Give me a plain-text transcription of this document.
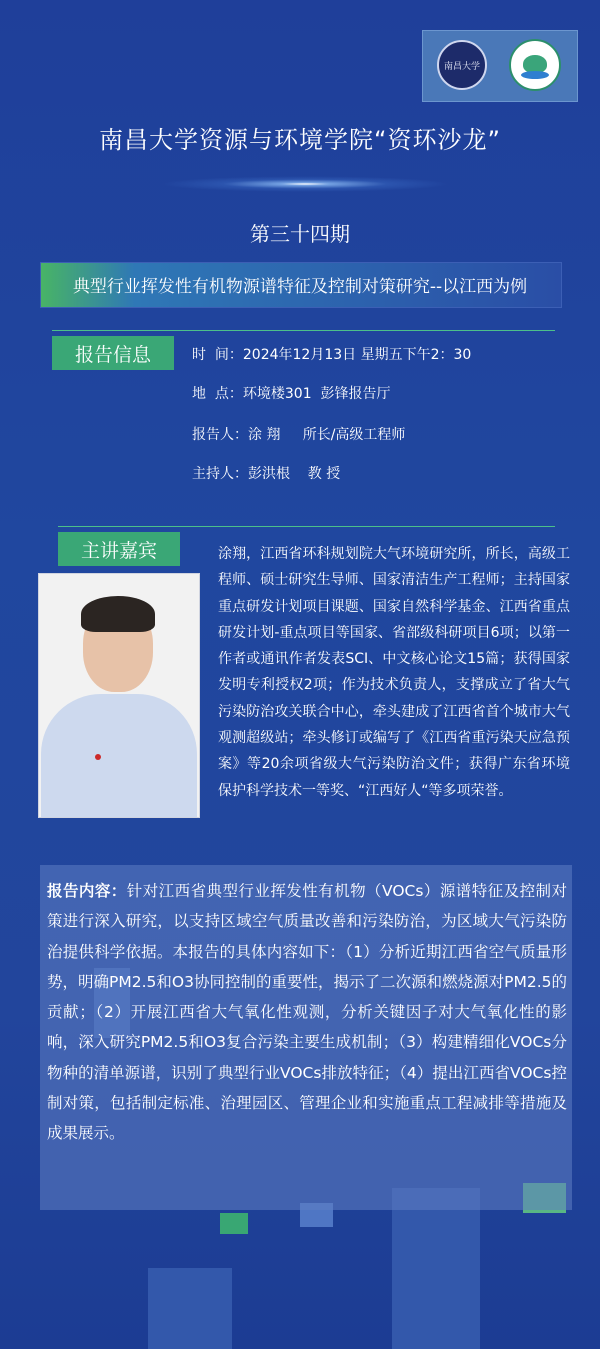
南昌大学
南昌大学资源与环境学院“资环沙龙”
第三十四期
典型行业挥发性有机物源谱特征及控制对策研究--以江西为例
报告信息	时  间：2024年12月13日 星期五下午2：30
地  点：环境楼301  彭锋报告厅
报告人：涂 翔     所长/高级工程师
主持人：彭洪根    教 授
主讲嘉宾	涂翔，江西省环科规划院大气环境研究所，所长，高级工程师、硕士研究生导师、国家清洁生产工程师；主持国家重点研发计划项目课题、国家自然科学基金、江西省重点研发计划-重点项目等国家、省部级科研项目6项；以第一作者或通讯作者发表SCI、中文核心论文15篇；获得国家发明专利授权2项；作为技术负责人，支撑成立了省大气污染防治攻关联合中心，牵头建成了江西省首个城市大气观测超级站；牵头修订或编写了《江西省重污染天应急预案》等20余项省级大气污染防治文件；获得广东省环境保护科学技术一等奖、“江西好人“等多项荣誉。
报告内容：针对江西省典型行业挥发性有机物（VOCs）源谱特征及控制对策进行深入研究，以支持区域空气质量改善和污染防治，为区域大气污染防治提供科学依据。本报告的具体内容如下：（1）分析近期江西省空气质量形势，明确PM2.5和O3协同控制的重要性，揭示了二次源和燃烧源对PM2.5的贡献；（2）开展江西省大气氧化性观测，分析关键因子对大气氧化性的影响，深入研究PM2.5和O3复合污染主要生成机制；（3）构建精细化VOCs分物种的清单源谱，识别了典型行业VOCs排放特征；（4）提出江西省VOCs控制对策，包括制定标准、治理园区、管理企业和实施重点工程减排等措施及成果展示。
